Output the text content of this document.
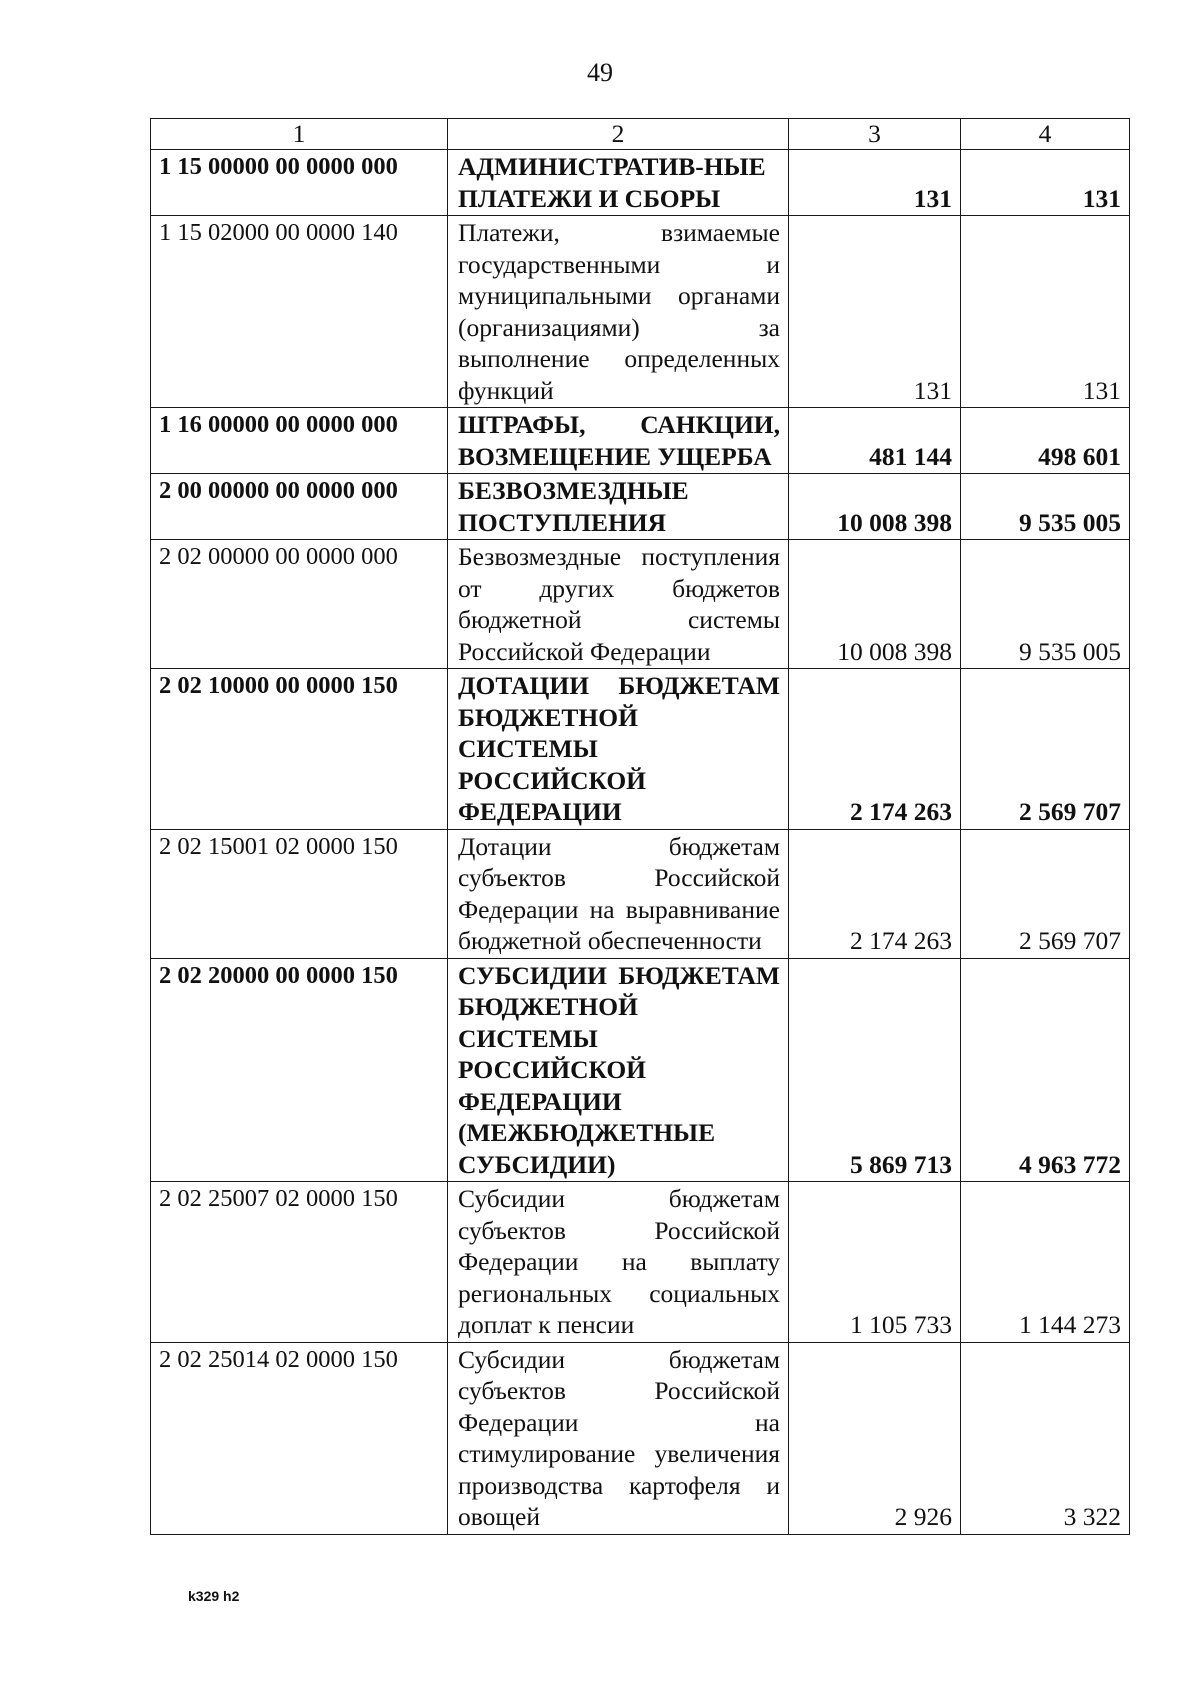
49
1	2	3	4
1 15 00000 00 0000 000	АДМИНИСТРАТИВ-НЫЕ ПЛАТЕЖИ И СБОРЫ	131	131
1 15 02000 00 0000 140	Платежи, взимаемые государственными и муниципальными органами (организациями) за выполнение определенных функций	131	131
1 16 00000 00 0000 000	ШТРАФЫ, САНКЦИИ, ВОЗМЕЩЕНИЕ УЩЕРБА	481 144	498 601
2 00 00000 00 0000 000	БЕЗВОЗМЕЗДНЫЕ ПОСТУПЛЕНИЯ	10 008 398	9 535 005
2 02 00000 00 0000 000	Безвозмездные поступления от других бюджетов бюджетной системы Российской Федерации	10 008 398	9 535 005
2 02 10000 00 0000 150	ДОТАЦИИ БЮДЖЕТАМ БЮДЖЕТНОЙ СИСТЕМЫ РОССИЙСКОЙ ФЕДЕРАЦИИ	2 174 263	2 569 707
2 02 15001 02 0000 150	Дотации бюджетам субъектов Российской Федерации на выравнивание бюджетной обеспеченности	2 174 263	2 569 707
2 02 20000 00 0000 150	СУБСИДИИ БЮДЖЕТАМ БЮДЖЕТНОЙ СИСТЕМЫ РОССИЙСКОЙ ФЕДЕРАЦИИ (МЕЖБЮДЖЕТНЫЕ СУБСИДИИ)	5 869 713	4 963 772
2 02 25007 02 0000 150	Субсидии бюджетам субъектов Российской Федерации на выплату региональных социальных доплат к пенсии	1 105 733	1 144 273
2 02 25014 02 0000 150	Субсидии бюджетам субъектов Российской Федерации на стимулирование увеличения производства картофеля и овощей	2 926	3 322
k329 h2
